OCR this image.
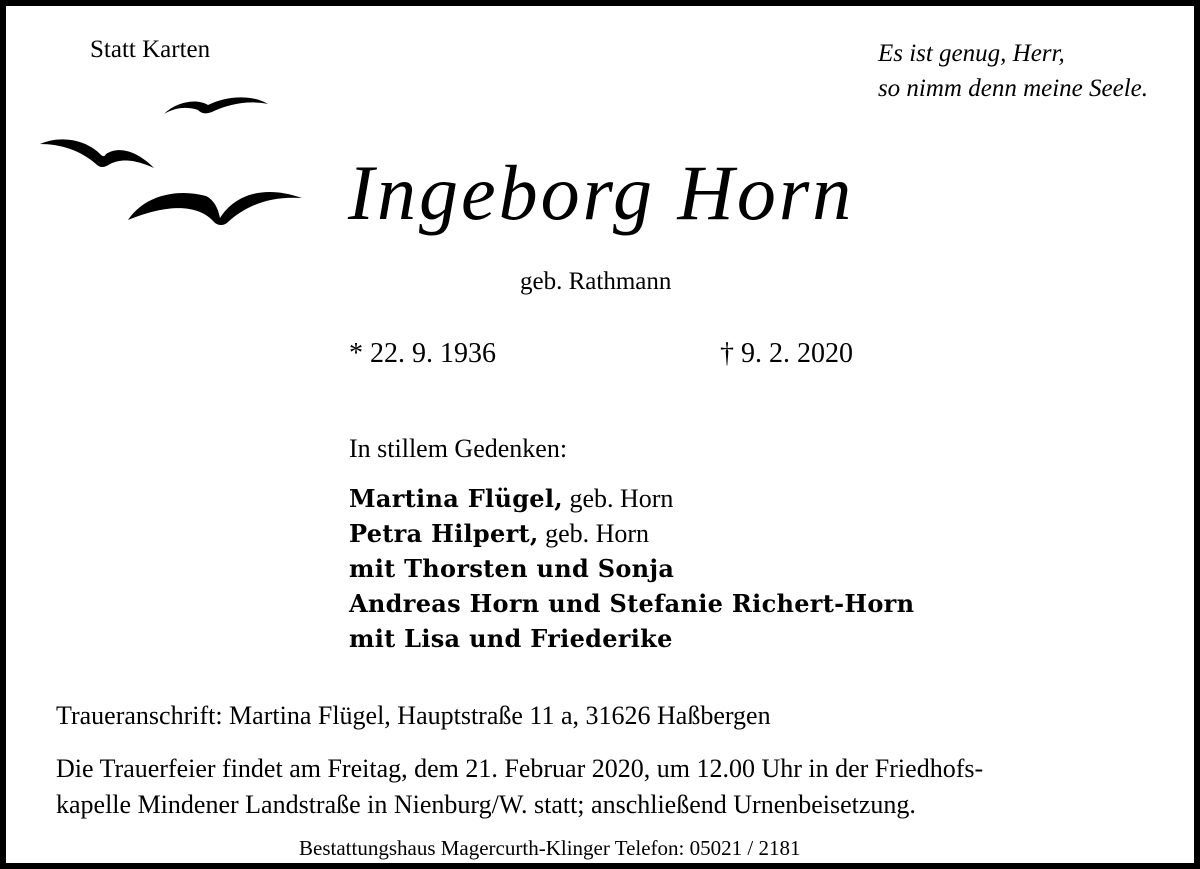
Statt Karten	Es ist genug, Herr,
so nimm denn meine Seele.
Ingeborg Horn
geb. Rathmann
* 22. 9. 1936	† 9. 2. 2020
In stillem Gedenken:
Martina Flügel, geb. Horn
Petra Hilpert, geb. Horn
mit Thorsten und Sonja
Andreas Horn und Stefanie Richert-Horn
mit Lisa und Friederike
Traueranschrift: Martina Flügel, Hauptstraße 11 a, 31626 Haßbergen
Die Trauerfeier findet am Freitag, dem 21. Februar 2020, um 12.00 Uhr in der Friedhofs-
kapelle Mindener Landstraße in Nienburg/W. statt; anschließend Urnenbeisetzung.
Bestattungshaus Magercurth-Klinger Telefon: 05021 / 2181
